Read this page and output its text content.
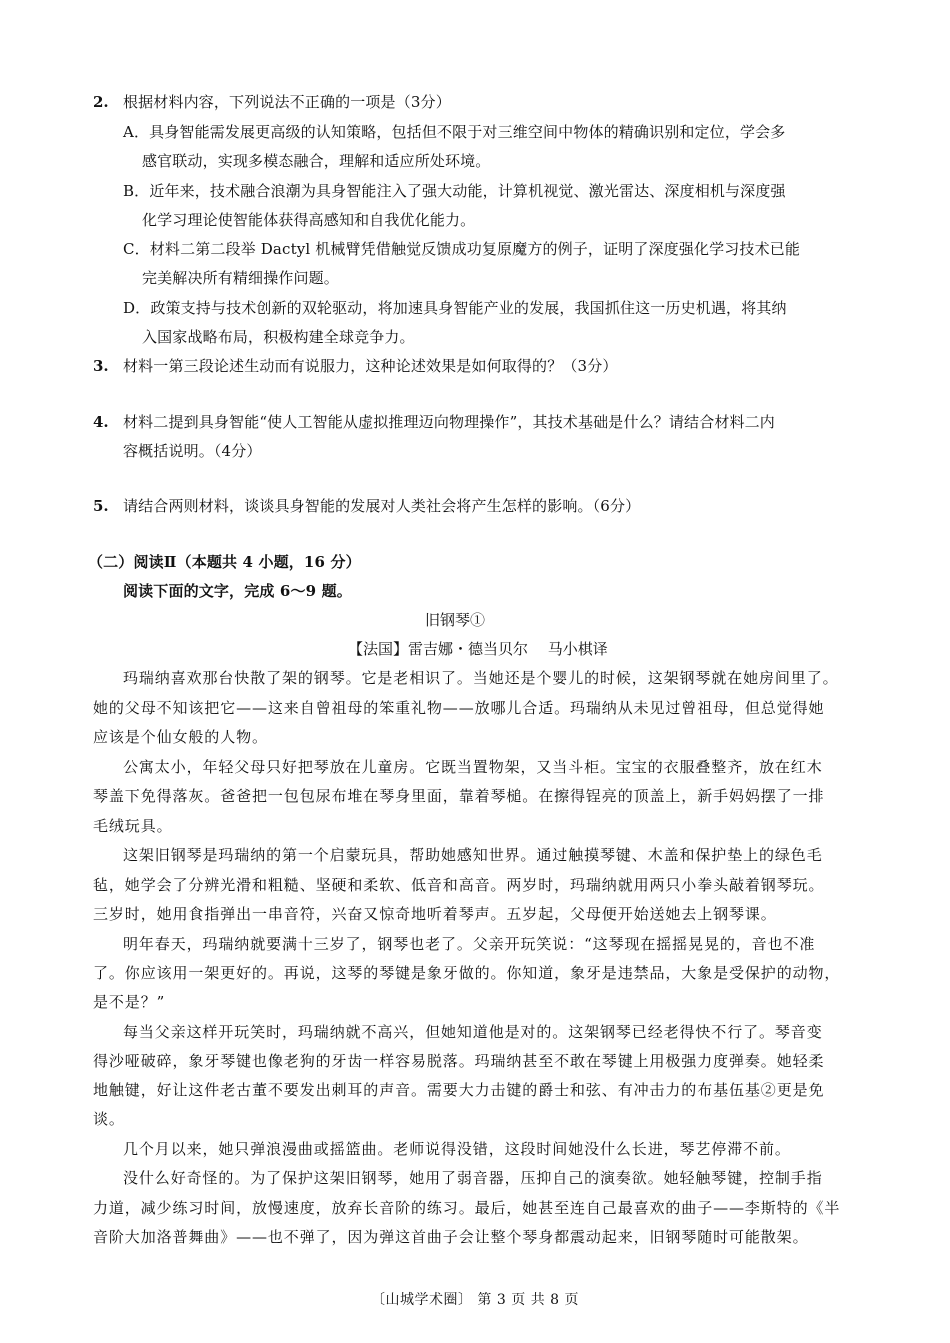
2. 根据材料内容，下列说法不正确的一项是（3分）

A．具身智能需发展更高级的认知策略，包括但不限于对三维空间中物体的精确识别和定位，学会多

感官联动，实现多模态融合，理解和适应所处环境。

B．近年来，技术融合浪潮为具身智能注入了强大动能，计算机视觉、激光雷达、深度相机与深度强

化学习理论使智能体获得高感知和自我优化能力。

C．材料二第二段举 Dactyl 机械臂凭借触觉反馈成功复原魔方的例子，证明了深度强化学习技术已能

完美解决所有精细操作问题。

D．政策支持与技术创新的双轮驱动，将加速具身智能产业的发展，我国抓住这一历史机遇，将其纳

入国家战略布局，积极构建全球竞争力。

3. 材料一第三段论述生动而有说服力，这种论述效果是如何取得的？（3分）

4. 材料二提到具身智能“使人工智能从虚拟推理迈向物理操作”，其技术基础是什么？请结合材料二内

容概括说明。（4分）

5. 请结合两则材料，谈谈具身智能的发展对人类社会将产生怎样的影响。（6分）

（二）阅读Ⅱ（本题共 4 小题，16 分）

阅读下面的文字，完成 6～9 题。

旧钢琴①
【法国】雷吉娜・德当贝尔　 马小棋译

玛瑞纳喜欢那台快散了架的钢琴。它是老相识了。当她还是个婴儿的时候，这架钢琴就在她房间里了。

她的父母不知该把它——这来自曾祖母的笨重礼物——放哪儿合适。玛瑞纳从未见过曾祖母，但总觉得她

应该是个仙女般的人物。

公寓太小，年轻父母只好把琴放在儿童房。它既当置物架，又当斗柜。宝宝的衣服叠整齐，放在红木

琴盖下免得落灰。爸爸把一包包尿布堆在琴身里面，靠着琴槌。在擦得锃亮的顶盖上，新手妈妈摆了一排

毛绒玩具。

这架旧钢琴是玛瑞纳的第一个启蒙玩具，帮助她感知世界。通过触摸琴键、木盖和保护垫上的绿色毛

毡，她学会了分辨光滑和粗糙、坚硬和柔软、低音和高音。两岁时，玛瑞纳就用两只小拳头敲着钢琴玩。

三岁时，她用食指弹出一串音符，兴奋又惊奇地听着琴声。五岁起，父母便开始送她去上钢琴课。

明年春天，玛瑞纳就要满十三岁了，钢琴也老了。父亲开玩笑说：“这琴现在摇摇晃晃的，音也不准

了。你应该用一架更好的。再说，这琴的琴键是象牙做的。你知道，象牙是违禁品，大象是受保护的动物，

是不是？”

每当父亲这样开玩笑时，玛瑞纳就不高兴，但她知道他是对的。这架钢琴已经老得快不行了。琴音变

得沙哑破碎，象牙琴键也像老狗的牙齿一样容易脱落。玛瑞纳甚至不敢在琴键上用极强力度弹奏。她轻柔

地触键，好让这件老古董不要发出刺耳的声音。需要大力击键的爵士和弦、有冲击力的布基伍基②更是免

谈。

几个月以来，她只弹浪漫曲或摇篮曲。老师说得没错，这段时间她没什么长进，琴艺停滞不前。

没什么好奇怪的。为了保护这架旧钢琴，她用了弱音器，压抑自己的演奏欲。她轻触琴键，控制手指

力道，减少练习时间，放慢速度，放弃长音阶的练习。最后，她甚至连自己最喜欢的曲子——李斯特的《半

音阶大加洛普舞曲》——也不弹了，因为弹这首曲子会让整个琴身都震动起来，旧钢琴随时可能散架。

〔山城学术圈〕 第 3 页 共 8 页
